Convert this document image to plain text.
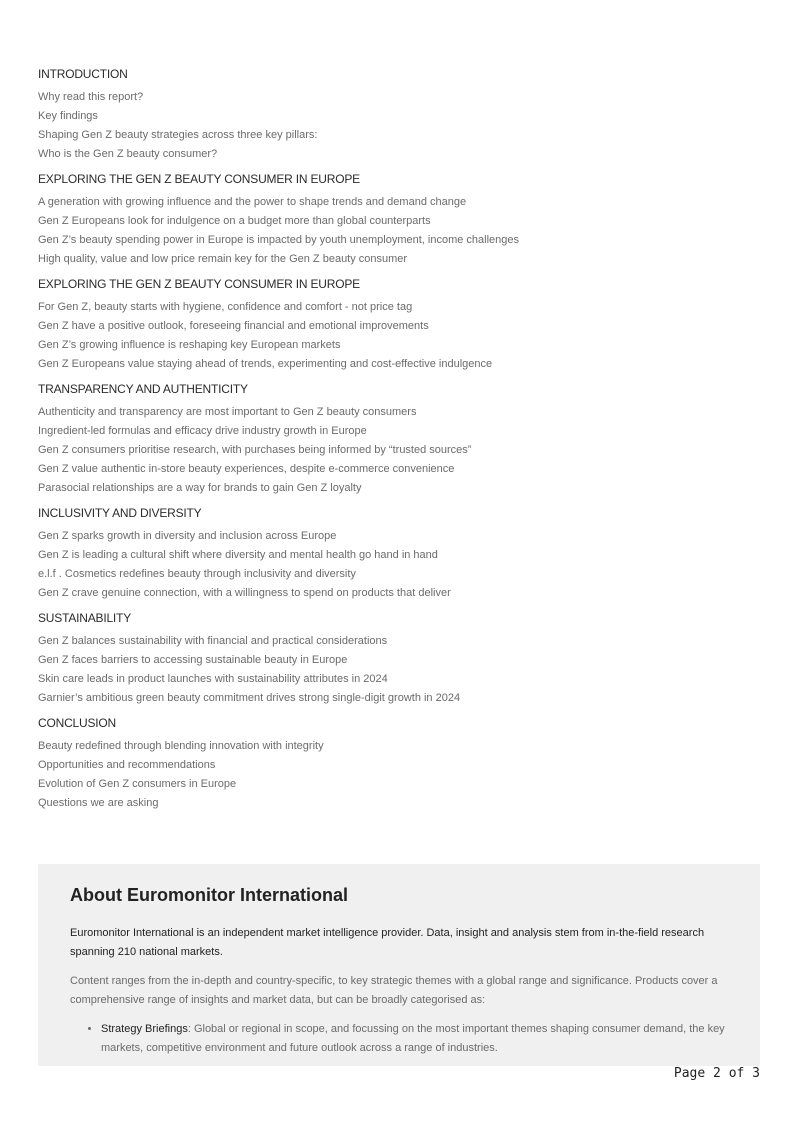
INTRODUCTION
Why read this report?
Key findings
Shaping Gen Z beauty strategies across three key pillars:
Who is the Gen Z beauty consumer?
EXPLORING THE GEN Z BEAUTY CONSUMER IN EUROPE
A generation with growing influence and the power to shape trends and demand change
Gen Z Europeans look for indulgence on a budget more than global counterparts
Gen Z’s beauty spending power in Europe is impacted by youth unemployment, income challenges
High quality, value and low price remain key for the Gen Z beauty consumer
EXPLORING THE GEN Z BEAUTY CONSUMER IN EUROPE
For Gen Z, beauty starts with hygiene, confidence and comfort - not price tag
Gen Z have a positive outlook, foreseeing financial and emotional improvements
Gen Z’s growing influence is reshaping key European markets
Gen Z Europeans value staying ahead of trends, experimenting and cost-effective indulgence
TRANSPARENCY AND AUTHENTICITY
Authenticity and transparency are most important to Gen Z beauty consumers
Ingredient-led formulas and efficacy drive industry growth in Europe
Gen Z consumers prioritise research, with purchases being informed by “trusted sources”
Gen Z value authentic in-store beauty experiences, despite e-commerce convenience
Parasocial relationships are a way for brands to gain Gen Z loyalty
INCLUSIVITY AND DIVERSITY
Gen Z sparks growth in diversity and inclusion across Europe
Gen Z is leading a cultural shift where diversity and mental health go hand in hand
e.l.f . Cosmetics redefines beauty through inclusivity and diversity
Gen Z crave genuine connection, with a willingness to spend on products that deliver
SUSTAINABILITY
Gen Z balances sustainability with financial and practical considerations
Gen Z faces barriers to accessing sustainable beauty in Europe
Skin care leads in product launches with sustainability attributes in 2024
Garnier’s ambitious green beauty commitment drives strong single-digit growth in 2024
CONCLUSION
Beauty redefined through blending innovation with integrity
Opportunities and recommendations
Evolution of Gen Z consumers in Europe
Questions we are asking
About Euromonitor International

Euromonitor International is an independent market intelligence provider. Data, insight and analysis stem from in-the-field research spanning 210 national markets.

Content ranges from the in-depth and country-specific, to key strategic themes with a global range and significance. Products cover a comprehensive range of insights and market data, but can be broadly categorised as:

• Strategy Briefings: Global or regional in scope, and focussing on the most important themes shaping consumer demand, the key markets, competitive environment and future outlook across a range of industries.
Page 2 of 3
